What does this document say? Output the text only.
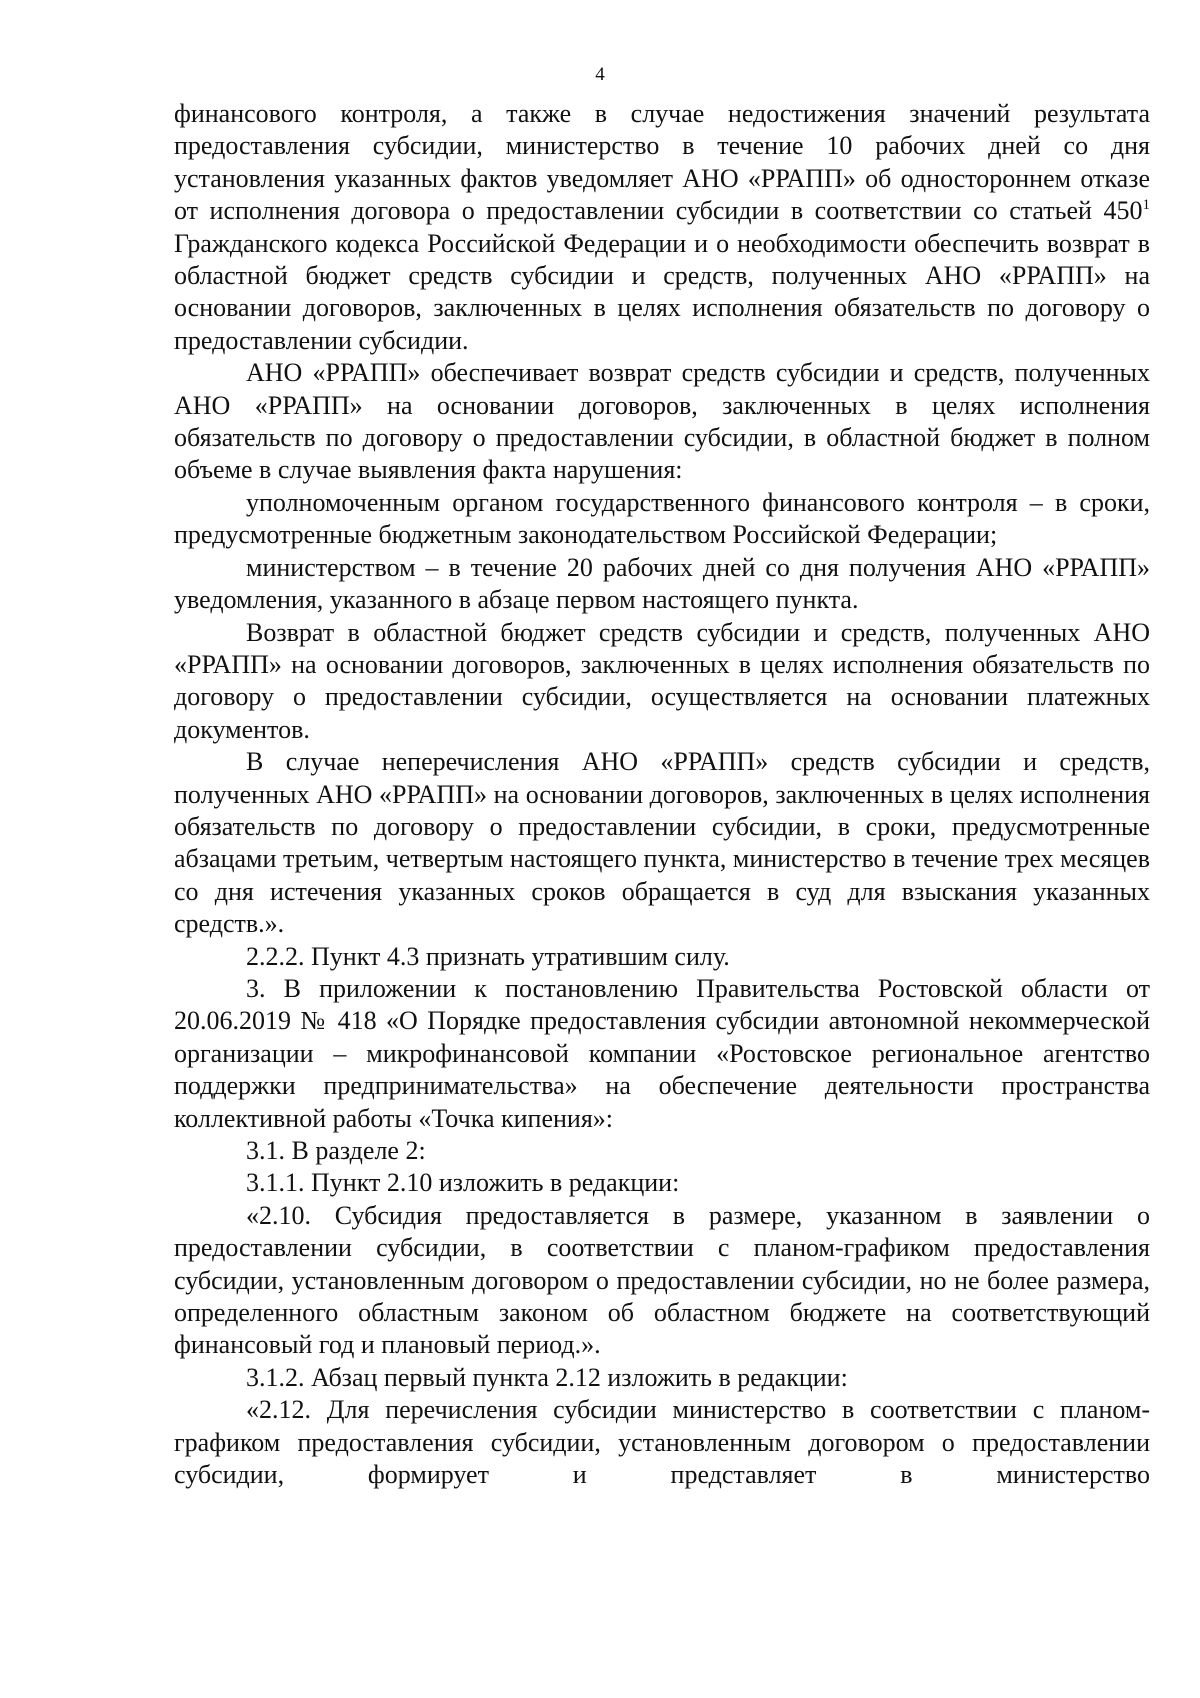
4

финансового контроля, а также в случае недостижения значений результата предоставления субсидии, министерство в течение 10 рабочих дней со дня установления указанных фактов уведомляет АНО «РРАПП» об одностороннем отказе от исполнения договора о предоставлении субсидии в соответствии со статьей $450^1$ Гражданского кодекса Российской Федерации и о необходимости обеспечить возврат в областной бюджет средств субсидии и средств, полученных АНО «РРАПП» на основании договоров, заключенных в целях исполнения обязательств по договору о предоставлении субсидии.

АНО «РРАПП» обеспечивает возврат средств субсидии и средств, полученных АНО «РРАПП» на основании договоров, заключенных в целях исполнения обязательств по договору о предоставлении субсидии, в областной бюджет в полном объеме в случае выявления факта нарушения:

уполномоченным органом государственного финансового контроля – в сроки, предусмотренные бюджетным законодательством Российской Федерации;

министерством – в течение 20 рабочих дней со дня получения АНО «РРАПП» уведомления, указанного в абзаце первом настоящего пункта.

Возврат в областной бюджет средств субсидии и средств, полученных АНО «РРАПП» на основании договоров, заключенных в целях исполнения обязательств по договору о предоставлении субсидии, осуществляется на основании платежных документов.

В случае неперечисления АНО «РРАПП» средств субсидии и средств, полученных АНО «РРАПП» на основании договоров, заключенных в целях исполнения обязательств по договору о предоставлении субсидии, в сроки, предусмотренные абзацами третьим, четвертым настоящего пункта, министерство в течение трех месяцев со дня истечения указанных сроков обращается в суд для взыскания указанных средств.».

2.2.2. Пункт 4.3 признать утратившим силу.

3. В приложении к постановлению Правительства Ростовской области от 20.06.2019 № 418 «О Порядке предоставления субсидии автономной некоммерческой организации – микрофинансовой компании «Ростовское региональное агентство поддержки предпринимательства» на обеспечение деятельности пространства коллективной работы «Точка кипения»:

3.1. В разделе 2:

3.1.1. Пункт 2.10 изложить в редакции:

«2.10. Субсидия предоставляется в размере, указанном в заявлении о предоставлении субсидии, в соответствии с планом-графиком предоставления субсидии, установленным договором о предоставлении субсидии, но не более размера, определенного областным законом об областном бюджете на соответствующий финансовый год и плановый период.».

3.1.2. Абзац первый пункта 2.12 изложить в редакции:

«2.12. Для перечисления субсидии министерство в соответствии с планом-графиком предоставления субсидии, установленным договором о предоставлении субсидии, формирует и представляет в министерство
